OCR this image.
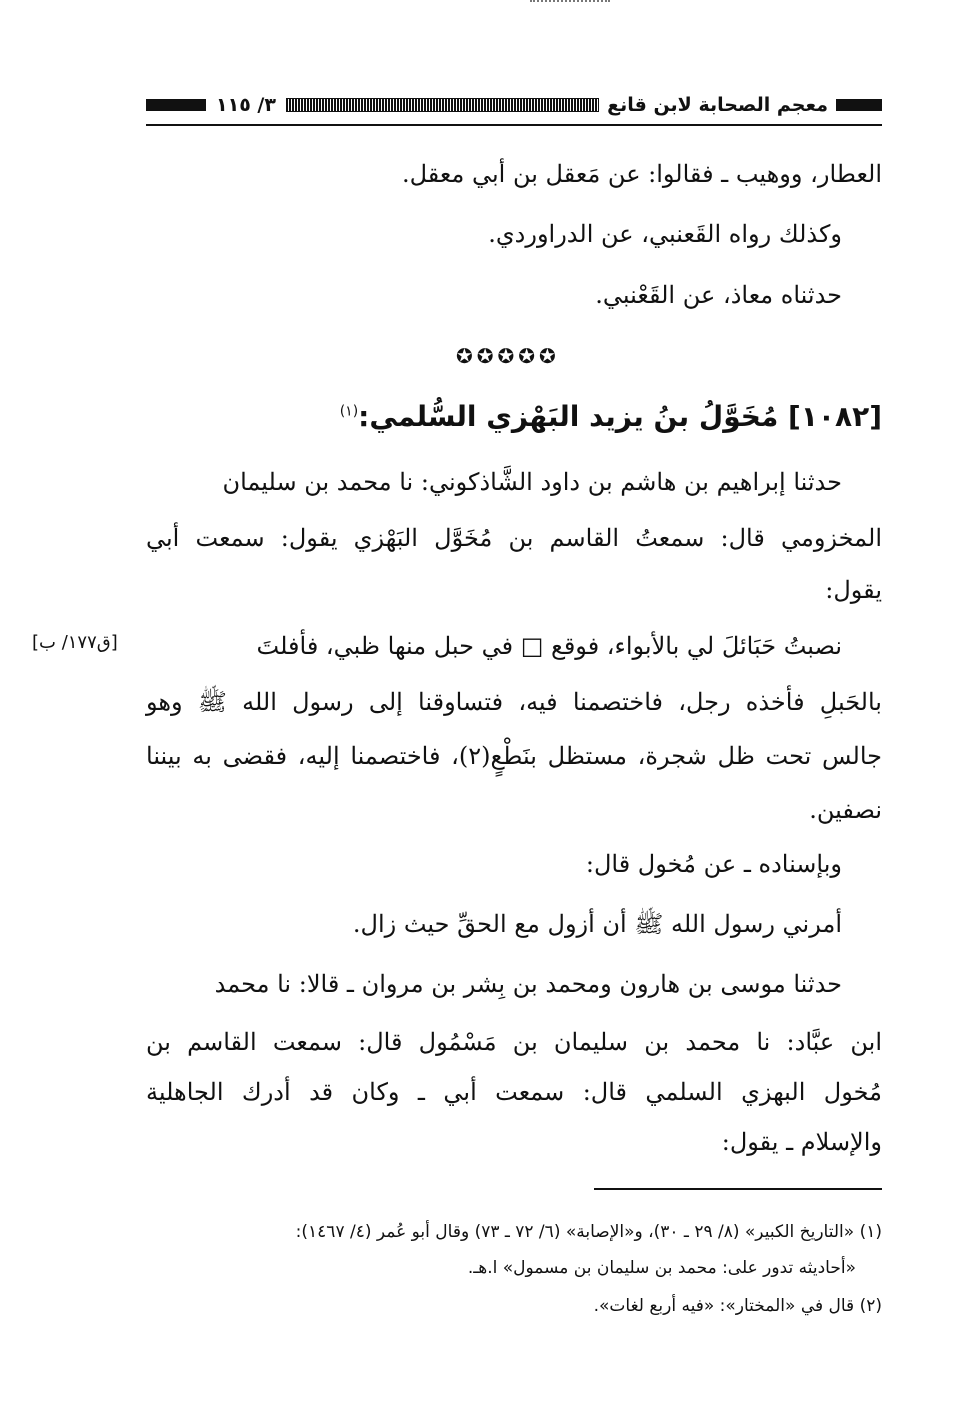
معجم الصحابة لابن قانع
٣/ ١١٥
العطار، ووهيب ـ فقالوا: عن مَعقل بن أبي معقل.
وكذلك رواه القَعنبي، عن الدراوردي.
حدثناه معاذ، عن القَعْنبي.
✪✪✪✪✪
[١٠٨٢] مُخَوَّلُ بنُ يزيد البَهْزي السُّلمي:$^{(١)}$
حدثنا إبراهيم بن هاشم بن داود الشَّاذكوني: نا محمد بن سليمان
المخزومي قال: سمعتُ القاسم بن مُخَوَّل البَهْزي يقول: سمعت أبي
يقول:
نصبتُ حَبَائلَ لي بالأبواء، فوقع □ في حبل منها ظبي، فأفلتَ
[ق١٧٧/ ب]
بالحَبلِ فأخذه رجل، فاختصمنا فيه، فتساوقنا إلى رسول الله ﷺ وهو
جالس تحت ظل شجرة، مستظل بنَطْعٍ(٢)، فاختصمنا إليه، فقضى به بيننا
نصفين.
وبإسناده ـ عن مُخول قال:
أمرني رسول الله ﷺ أن أزول مع الحقِّ حيث زال.
حدثنا موسى بن هارون ومحمد بن بِشر بن مروان ـ قالا: نا محمد
ابن عبَّاد: نا محمد بن سليمان بن مَسْمُول قال: سمعت القاسم بن
مُخول البهزي السلمي قال: سمعت أبي ـ وكان قد أدرك الجاهلية
والإسلام ـ يقول:
(١) «التاريخ الكبير» (٨/ ٢٩ ـ ٣٠)، و«الإصابة» (٦/ ٧٢ ـ ٧٣) وقال أبو عُمر (٤/ ١٤٦٧):
«أحاديثه تدور على: محمد بن سليمان بن مسمول» ا.هـ.
(٢) قال في «المختار»: «فيه أربع لغات».
